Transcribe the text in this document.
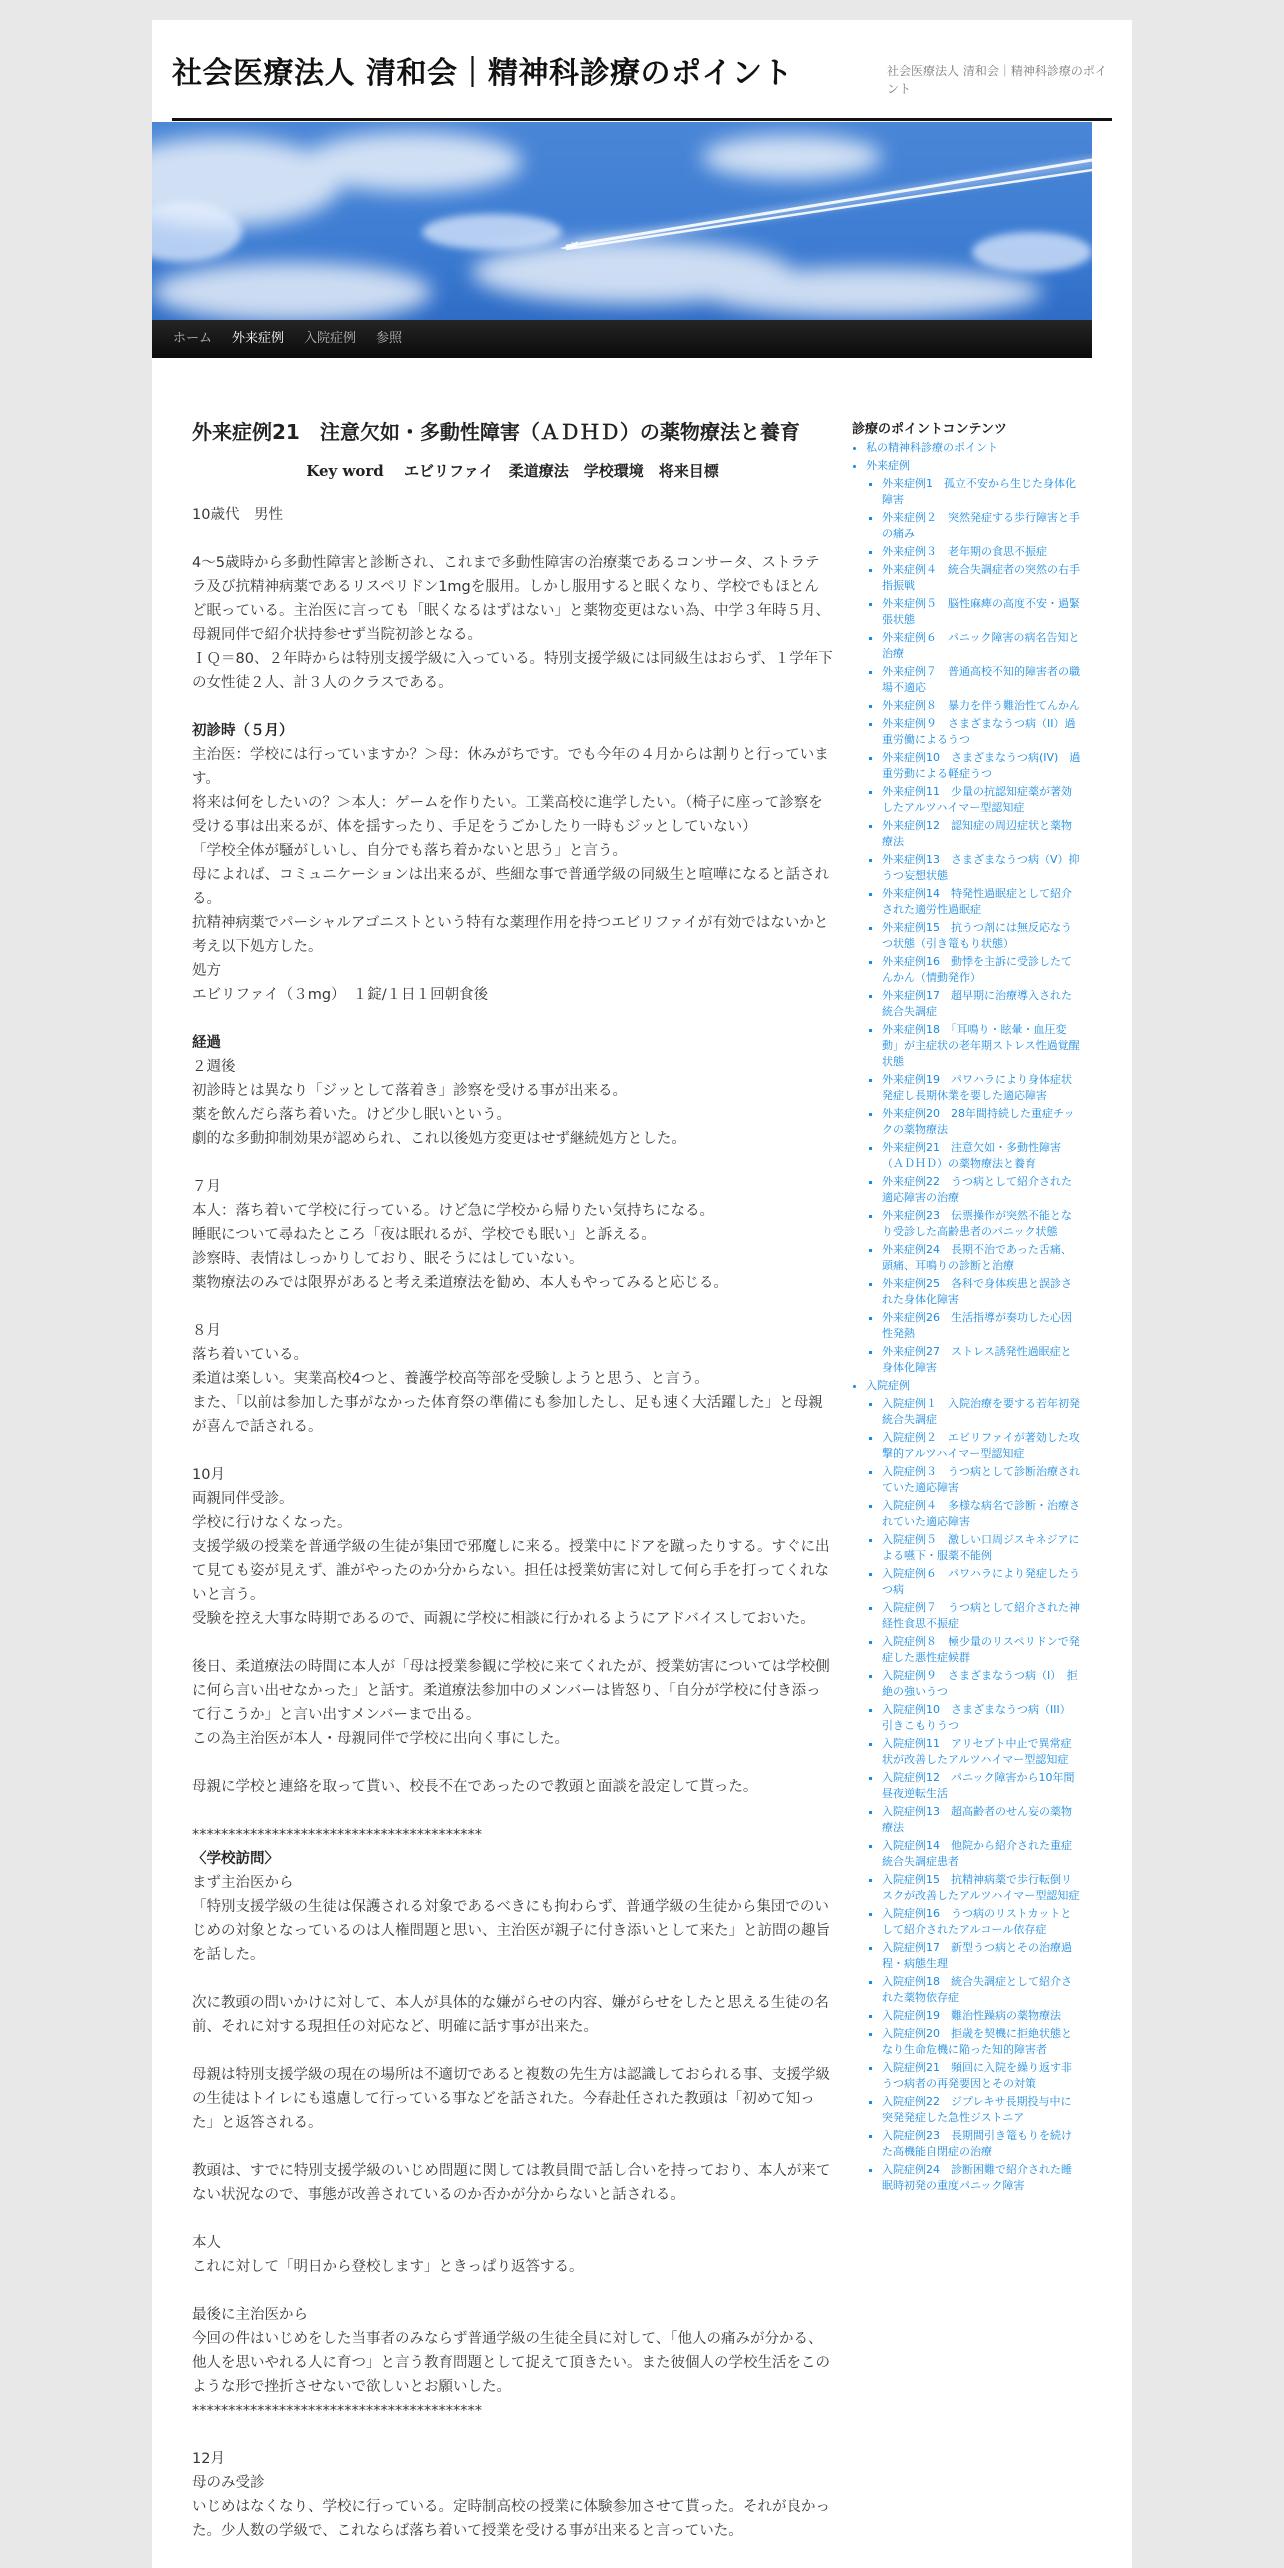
社会医療法人 清和会｜精神科診療のポイント	社会医療法人 清和会｜精神科診療のポイント
ホーム	外来症例	入院症例	参照
外来症例21　注意欠如・多動性障害（ＡＤＨＤ）の薬物療法と養育
Key word　 エビリファイ　柔道療法　学校環境　将来目標

10歳代　男性

4～5歳時から多動性障害と診断され、これまで多動性障害の治療薬であるコンサータ、ストラテラ及び抗精神病薬であるリスペリドン1mgを服用。しかし服用すると眠くなり、学校でもほとんど眠っている。主治医に言っても「眠くなるはずはない」と薬物変更はない為、中学３年時５月、母親同伴で紹介状持参せず当院初診となる。

ＩＱ＝80、２年時からは特別支援学級に入っている。特別支援学級には同級生はおらず、１学年下の女性徒２人、計３人のクラスである。

初診時（５月）

主治医：学校には行っていますか？＞母：休みがちです。でも今年の４月からは割りと行っています。

将来は何をしたいの？＞本人：ゲームを作りたい。工業高校に進学したい。（椅子に座って診察を受ける事は出来るが、体を揺すったり、手足をうごかしたり一時もジッとしていない）

「学校全体が騒がしいし、自分でも落ち着かないと思う」と言う。

母によれば、コミュニケーションは出来るが、些細な事で普通学級の同級生と喧嘩になると話される。

抗精神病薬でパーシャルアゴニストという特有な薬理作用を持つエビリファイが有効ではないかと考え以下処方した。

処方

エビリファイ（３mg）　１錠/１日１回朝食後

経過

２週後

初診時とは異なり「ジッとして落着き」診察を受ける事が出来る。

薬を飲んだら落ち着いた。けど少し眠いという。

劇的な多動抑制効果が認められ、これ以後処方変更はせず継続処方とした。

７月

本人：落ち着いて学校に行っている。けど急に学校から帰りたい気持ちになる。

睡眠について尋ねたところ「夜は眠れるが、学校でも眠い」と訴える。

診察時、表情はしっかりしており、眠そうにはしていない。

薬物療法のみでは限界があると考え柔道療法を勧め、本人もやってみると応じる。

８月

落ち着いている。

柔道は楽しい。実業高校4つと、養護学校高等部を受験しようと思う、と言う。

また、「以前は参加した事がなかった体育祭の準備にも参加したし、足も速く大活躍した」と母親が喜んで話される。

10月

両親同伴受診。

学校に行けなくなった。

支援学級の授業を普通学級の生徒が集団で邪魔しに来る。授業中にドアを蹴ったりする。すぐに出て見ても姿が見えず、誰がやったのか分からない。担任は授業妨害に対して何ら手を打ってくれないと言う。

受験を控え大事な時期であるので、両親に学校に相談に行かれるようにアドバイスしておいた。

後日、柔道療法の時間に本人が「母は授業参観に学校に来てくれたが、授業妨害については学校側に何ら言い出せなかった」と話す。柔道療法参加中のメンバーは皆怒り、「自分が学校に付き添って行こうか」と言い出すメンバーまで出る。

この為主治医が本人・母親同伴で学校に出向く事にした。

母親に学校と連絡を取って貰い、校長不在であったので教頭と面談を設定して貰った。

****************************************

〈学校訪問〉

まず主治医から

「特別支援学級の生徒は保護される対象であるべきにも拘わらず、普通学級の生徒から集団でのいじめの対象となっているのは人権問題と思い、主治医が親子に付き添いとして来た」と訪問の趣旨を話した。

次に教頭の問いかけに対して、本人が具体的な嫌がらせの内容、嫌がらせをしたと思える生徒の名前、それに対する現担任の対応など、明確に話す事が出来た。

母親は特別支援学級の現在の場所は不適切であると複数の先生方は認識しておられる事、支援学級の生徒はトイレにも遠慮して行っている事などを話された。今春赴任された教頭は「初めて知った」と返答される。

教頭は、すでに特別支援学級のいじめ問題に関しては教員間で話し合いを持っており、本人が来てない状況なので、事態が改善されているのか否かが分からないと話される。

本人

これに対して「明日から登校します」ときっぱり返答する。

最後に主治医から

今回の件はいじめをした当事者のみならず普通学級の生徒全員に対して、「他人の痛みが分かる、他人を思いやれる人に育つ」と言う教育問題として捉えて頂きたい。また彼個人の学校生活をこのような形で挫折させないで欲しいとお願いした。

****************************************

12月

母のみ受診

いじめはなくなり、学校に行っている。定時制高校の授業に体験参加させて貰った。それが良かった。少人数の学級で、これならば落ち着いて授業を受ける事が出来ると言っていた。

診療のポイントコンテンツ
• 私の精神科診療のポイント
• 外来症例
▪ 外来症例1　孤立不安から生じた身体化障害
▪ 外来症例２　突然発症する歩行障害と手の痛み
▪ 外来症例３　老年期の食思不振症
▪ 外来症例４　統合失調症者の突然の右手指振戦
▪ 外来症例５　脳性麻痺の高度不安・過緊張状態
▪ 外来症例６　パニック障害の病名告知と治療
▪ 外来症例７　普通高校不知的障害者の職場不適応
▪ 外来症例８　暴力を伴う難治性てんかん
▪ 外来症例９　さまざまなうつ病（II）過重労働によるうつ
▪ 外来症例10　さまざまなうつ病(IV)　過重労動による軽症うつ
▪ 外来症例11　少量の抗認知症薬が著効したアルツハイマー型認知症
▪ 外来症例12　認知症の周辺症状と薬物療法
▪ 外来症例13　さまざまなうつ病（V）抑うつ妄想状態
▪ 外来症例14　特発性過眠症として紹介された適労性過眠症
▪ 外来症例15　抗うつ剤には無反応なうつ状態（引き篭もり状態）
▪ 外来症例16　動悸を主訴に受診したてんかん（情動発作）
▪ 外来症例17　超早期に治療導入された統合失調症
▪ 外来症例18　「耳鳴り・眩暈・血圧変動」が主症状の老年期ストレス性過覚醒状態
▪ 外来症例19　パワハラにより身体症状発症し長期休業を要した適応障害
▪ 外来症例20　28年間持続した重症チックの薬物療法
▪ 外来症例21　注意欠如・多動性障害（ＡＤＨＤ）の薬物療法と養育
▪ 外来症例22　うつ病として紹介された適応障害の治療
▪ 外来症例23　伝票操作が突然不能となり受診した高齢患者のパニック状態
▪ 外来症例24　長期不治であった舌痛、頭痛、耳鳴りの診断と治療
▪ 外来症例25　各科で身体疾患と誤診された身体化障害
▪ 外来症例26　生活指導が奏功した心因性発熱
▪ 外来症例27　ストレス誘発性過眠症と身体化障害
• 入院症例
▪ 入院症例１　入院治療を要する若年初発統合失調症
▪ 入院症例２　エビリファイが著効した攻撃的アルツハイマー型認知症
▪ 入院症例３　うつ病として診断治療されていた適応障害
▪ 入院症例４　多様な病名で診断・治療されていた適応障害
▪ 入院症例５　激しい口周ジスキネジアによる嚥下・服薬不能例
▪ 入院症例６　パワハラにより発症したうつ病
▪ 入院症例７　うつ病として紹介された神経性食思不振症
▪ 入院症例８　極少量のリスペリドンで発症した悪性症候群
▪ 入院症例９　さまざまなうつ病（I）　拒絶の強いうつ
▪ 入院症例10　さまざまなうつ病（III）　引きこもりうつ
▪ 入院症例11　アリセプト中止で異常症状が改善したアルツハイマー型認知症
▪ 入院症例12　パニック障害から10年間昼夜逆転生活
▪ 入院症例13　超高齢者のせん妄の薬物療法
▪ 入院症例14　他院から紹介された重症統合失調症患者
▪ 入院症例15　抗精神病薬で歩行転倒リスクが改善したアルツハイマー型認知症
▪ 入院症例16　うつ病のリストカットとして紹介されたアルコール依存症
▪ 入院症例17　新型うつ病とその治療過程・病態生理
▪ 入院症例18　統合失調症として紹介された薬物依存症
▪ 入院症例19　難治性躁病の薬物療法
▪ 入院症例20　拒歳を契機に拒絶状態となり生命危機に陥った知的障害者
▪ 入院症例21　頻回に入院を繰り返す非うつ病者の再発要因とその対策
▪ 入院症例22　ジプレキサ長期投与中に突発発症した急性ジストニア
▪ 入院症例23　長期間引き篭もりを続けた高機能自閉症の治療
▪ 入院症例24　診断困難で紹介された睡眠時初発の重度パニック障害
